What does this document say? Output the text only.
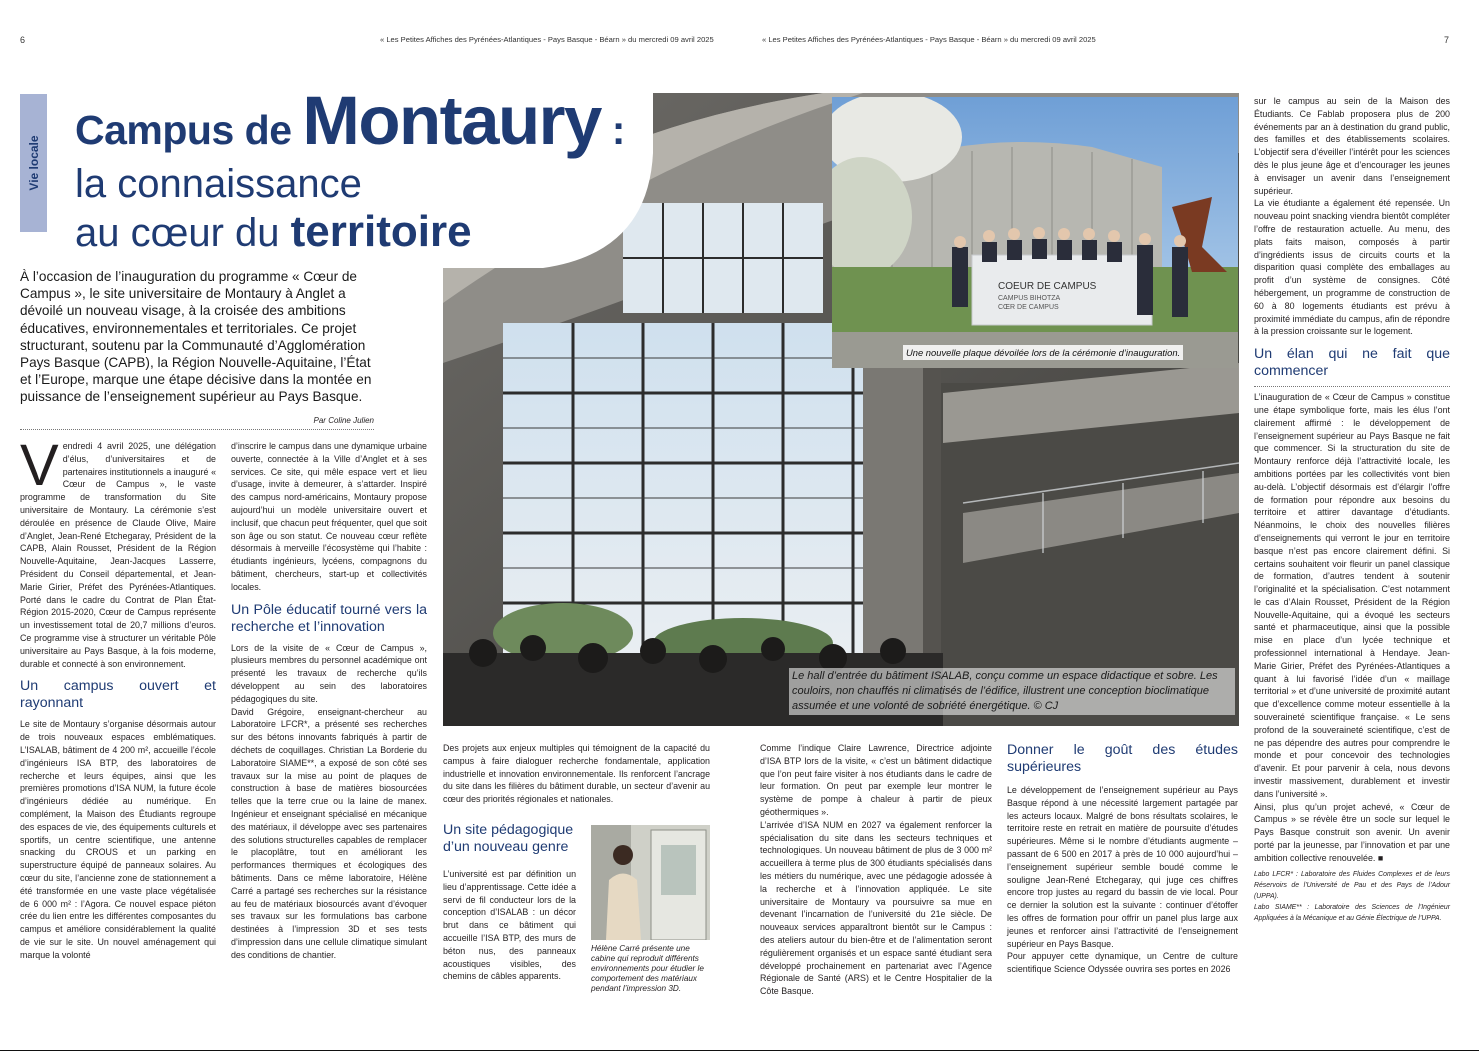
6	« Les Petites Affiches des Pyrénées-Atlantiques - Pays Basque - Béarn » du mercredi 09 avril 2025	« Les Petites Affiches des Pyrénées-Atlantiques - Pays Basque - Béarn » du mercredi 09 avril 2025	7
Vie locale
Campus de Montaury :
la connaissance
au cœur du territoire
À l’occasion de l’inauguration du programme « Cœur de Campus », le site universitaire de Montaury à Anglet a dévoilé un nouveau visage, à la croisée des ambitions éducatives, environnementales et territoriales. Ce projet structurant, soutenu par la Communauté d’Agglomération Pays Basque (CAPB), la Région Nouvelle-Aquitaine, l’État et l’Europe, marque une étape décisive dans la montée en puissance de l’enseignement supérieur au Pays Basque.
Par Coline Julien
V endredi 4 avril 2025, une délégation d’élus, d’universitaires et de partenaires institutionnels a inauguré « Cœur de Campus », le vaste programme de transformation du Site universitaire de Montaury. La cérémonie s’est déroulée en présence de Claude Olive, Maire d’Anglet, Jean-René Etchegaray, Président de la CAPB, Alain Rousset, Président de la Région Nouvelle-Aquitaine, Jean-Jacques Lasserre, Président du Conseil départemental, et Jean-Marie Girier, Préfet des Pyrénées-Atlantiques. Porté dans le cadre du Contrat de Plan État-Région 2015-2020, Cœur de Campus représente un investissement total de 20,7 millions d’euros. Ce programme vise à structurer un véritable Pôle universitaire au Pays Basque, à la fois moderne, durable et connecté à son environnement.

Un campus ouvert et rayonnant

Le site de Montaury s’organise désormais autour de trois nouveaux espaces emblématiques. L’ISALAB, bâtiment de 4 200 m², accueille l’école d’ingénieurs ISA BTP, des laboratoires de recherche et leurs équipes, ainsi que les premières promotions d’ISA NUM, la future école d’ingénieurs dédiée au numérique. En complément, la Maison des Étudiants regroupe des espaces de vie, des équipements culturels et sportifs, un centre scientifique, une antenne snacking du CROUS et un parking en superstructure équipé de panneaux solaires. Au cœur du site, l’ancienne zone de stationnement a été transformée en une vaste place végétalisée de 6 000 m² : l’Agora. Ce nouvel espace piéton crée du lien entre les différentes composantes du campus et améliore considérablement la qualité de vie sur le site. Un nouvel aménagement qui marque la volonté

d’inscrire le campus dans une dynamique urbaine ouverte, connectée à la Ville d’Anglet et à ses services. Ce site, qui mêle espace vert et lieu d’usage, invite à demeurer, à s’attarder. Inspiré des campus nord-américains, Montaury propose aujourd’hui un modèle universitaire ouvert et inclusif, que chacun peut fréquenter, quel que soit son âge ou son statut. Ce nouveau cœur reflète désormais à merveille l’écosystème qui l’habite : étudiants ingénieurs, lycéens, compagnons du bâtiment, chercheurs, start-up et collectivités locales.

Un Pôle éducatif tourné vers la recherche et l’innovation

Lors de la visite de « Cœur de Campus », plusieurs membres du personnel académique ont présenté les travaux de recherche qu’ils développent au sein des laboratoires pédagogiques du site.

David Grégoire, enseignant-chercheur au Laboratoire LFCR*, a présenté ses recherches sur des bétons innovants fabriqués à partir de déchets de coquillages. Christian La Borderie du Laboratoire SIAME**, a exposé de son côté ses travaux sur la mise au point de plaques de construction à base de matières biosourcées telles que la terre crue ou la laine de manex. Ingénieur et enseignant spécialisé en mécanique des matériaux, il développe avec ses partenaires des solutions structurelles capables de remplacer le placoplâtre, tout en améliorant les performances thermiques et écologiques des bâtiments. Dans ce même laboratoire, Hélène Carré a partagé ses recherches sur la résistance au feu de matériaux biosourcés avant d’évoquer ses travaux sur les formulations bas carbone destinées à l’impression 3D et ses tests d’impression dans une cellule climatique simulant des conditions de chantier.

Des projets aux enjeux multiples qui témoignent de la capacité du campus à faire dialoguer recherche fondamentale, application industrielle et innovation environnementale. Ils renforcent l’ancrage du site dans les filières du bâtiment durable, un secteur d’avenir au cœur des priorités régionales et nationales.

Un site pédagogique d’un nouveau genre

L’université est par définition un lieu d’apprentissage. Cette idée a servi de fil conducteur lors de la conception d’ISALAB : un décor brut dans ce bâtiment qui accueille l’ISA BTP, des murs de béton nus, des panneaux acoustiques visibles, des chemins de câbles apparents.

Hélène Carré présente une cabine qui reproduit différents environnements pour étudier le comportement des matériaux pendant l’impression 3D.

Comme l’indique Claire Lawrence, Directrice adjointe d’ISA BTP lors de la visite, « c’est un bâtiment didactique que l’on peut faire visiter à nos étudiants dans le cadre de leur formation. On peut par exemple leur montrer le système de pompe à chaleur à partir de pieux géothermiques ».

L’arrivée d’ISA NUM en 2027 va également renforcer la spécialisation du site dans les secteurs techniques et technologiques. Un nouveau bâtiment de plus de 3 000 m² accueillera à terme plus de 300 étudiants spécialisés dans les métiers du numérique, avec une pédagogie adossée à la recherche et à l’innovation appliquée. Le site universitaire de Montaury va poursuivre sa mue en devenant l’incarnation de l’université du 21e siècle. De nouveaux services apparaîtront bientôt sur le Campus : des ateliers autour du bien-être et de l’alimentation seront régulièrement organisés et un espace santé étudiant sera développé prochainement en partenariat avec l’Agence Régionale de Santé (ARS) et le Centre Hospitalier de la Côte Basque.

Donner le goût des études supérieures

Le développement de l’enseignement supérieur au Pays Basque répond à une nécessité largement partagée par les acteurs locaux. Malgré de bons résultats scolaires, le territoire reste en retrait en matière de poursuite d’études supérieures. Même si le nombre d’étudiants augmente – passant de 6 500 en 2017 à près de 10 000 aujourd’hui – l’enseignement supérieur semble boudé comme le souligne Jean-René Etchegaray, qui juge ces chiffres encore trop justes au regard du bassin de vie local. Pour ce dernier la solution est la suivante : continuer d’étoffer les offres de formation pour offrir un panel plus large aux jeunes et renforcer ainsi l’attractivité de l’enseignement supérieur en Pays Basque.

Pour appuyer cette dynamique, un Centre de culture scientifique Science Odyssée ouvrira ses portes en 2026

Le hall d’entrée du bâtiment ISALAB, conçu comme un espace didactique et sobre. Les couloirs, non chauffés ni climatisés de l’édifice, illustrent une conception bioclimatique assumée et une volonté de sobriété énergétique. © CJ
COEUR DE CAMPUS
CAMPUS BIHOTZA
CŒR DE CAMPUS
Une nouvelle plaque dévoilée lors de la cérémonie d’inauguration.

sur le campus au sein de la Maison des Étudiants. Ce Fablab proposera plus de 200 événements par an à destination du grand public, des familles et des établissements scolaires. L’objectif sera d’éveiller l’intérêt pour les sciences dès le plus jeune âge et d’encourager les jeunes à envisager un avenir dans l’enseignement supérieur.

La vie étudiante a également été repensée. Un nouveau point snacking viendra bientôt compléter l’offre de restauration actuelle. Au menu, des plats faits maison, composés à partir d’ingrédients issus de circuits courts et la disparition quasi complète des emballages au profit d’un système de consignes. Côté hébergement, un programme de construction de 60 à 80 logements étudiants est prévu à proximité immédiate du campus, afin de répondre à la pression croissante sur le logement.

Un élan qui ne fait que commencer

L’inauguration de « Cœur de Campus » constitue une étape symbolique forte, mais les élus l’ont clairement affirmé : le développement de l’enseignement supérieur au Pays Basque ne fait que commencer. Si la structuration du site de Montaury renforce déjà l’attractivité locale, les ambitions portées par les collectivités vont bien au-delà. L’objectif désormais est d’élargir l’offre de formation pour répondre aux besoins du territoire et attirer davantage d’étudiants. Néanmoins, le choix des nouvelles filières d’enseignements qui verront le jour en territoire basque n’est pas encore clairement défini. Si certains souhaitent voir fleurir un panel classique de formation, d’autres tendent à soutenir l’originalité et la spécialisation. C’est notamment le cas d’Alain Rousset, Président de la Région Nouvelle-Aquitaine, qui a évoqué les secteurs santé et pharmaceutique, ainsi que la possible mise en place d’un lycée technique et professionnel international à Hendaye. Jean-Marie Girier, Préfet des Pyrénées-Atlantiques a quant à lui favorisé l’idée d’un « maillage territorial » et d’une université de proximité autant que d’excellence comme moteur essentielle à la souveraineté scientifique française. « Le sens profond de la souveraineté scientifique, c’est de ne pas dépendre des autres pour comprendre le monde et pour concevoir des technologies d’avenir. Et pour parvenir à cela, nous devons investir massivement, durablement et investir dans l’université ».

Ainsi, plus qu’un projet achevé, « Cœur de Campus » se révèle être un socle sur lequel le Pays Basque construit son avenir. Un avenir porté par la jeunesse, par l’innovation et par une ambition collective renouvelée. ■

Labo LFCR* : Laboratoire des Fluides Complexes et de leurs Réservoirs de l’Université de Pau et des Pays de l’Adour (UPPA).
Labo SIAME** : Laboratoire des Sciences de l’Ingénieur Appliquées à la Mécanique et au Génie Électrique de l’UPPA.
